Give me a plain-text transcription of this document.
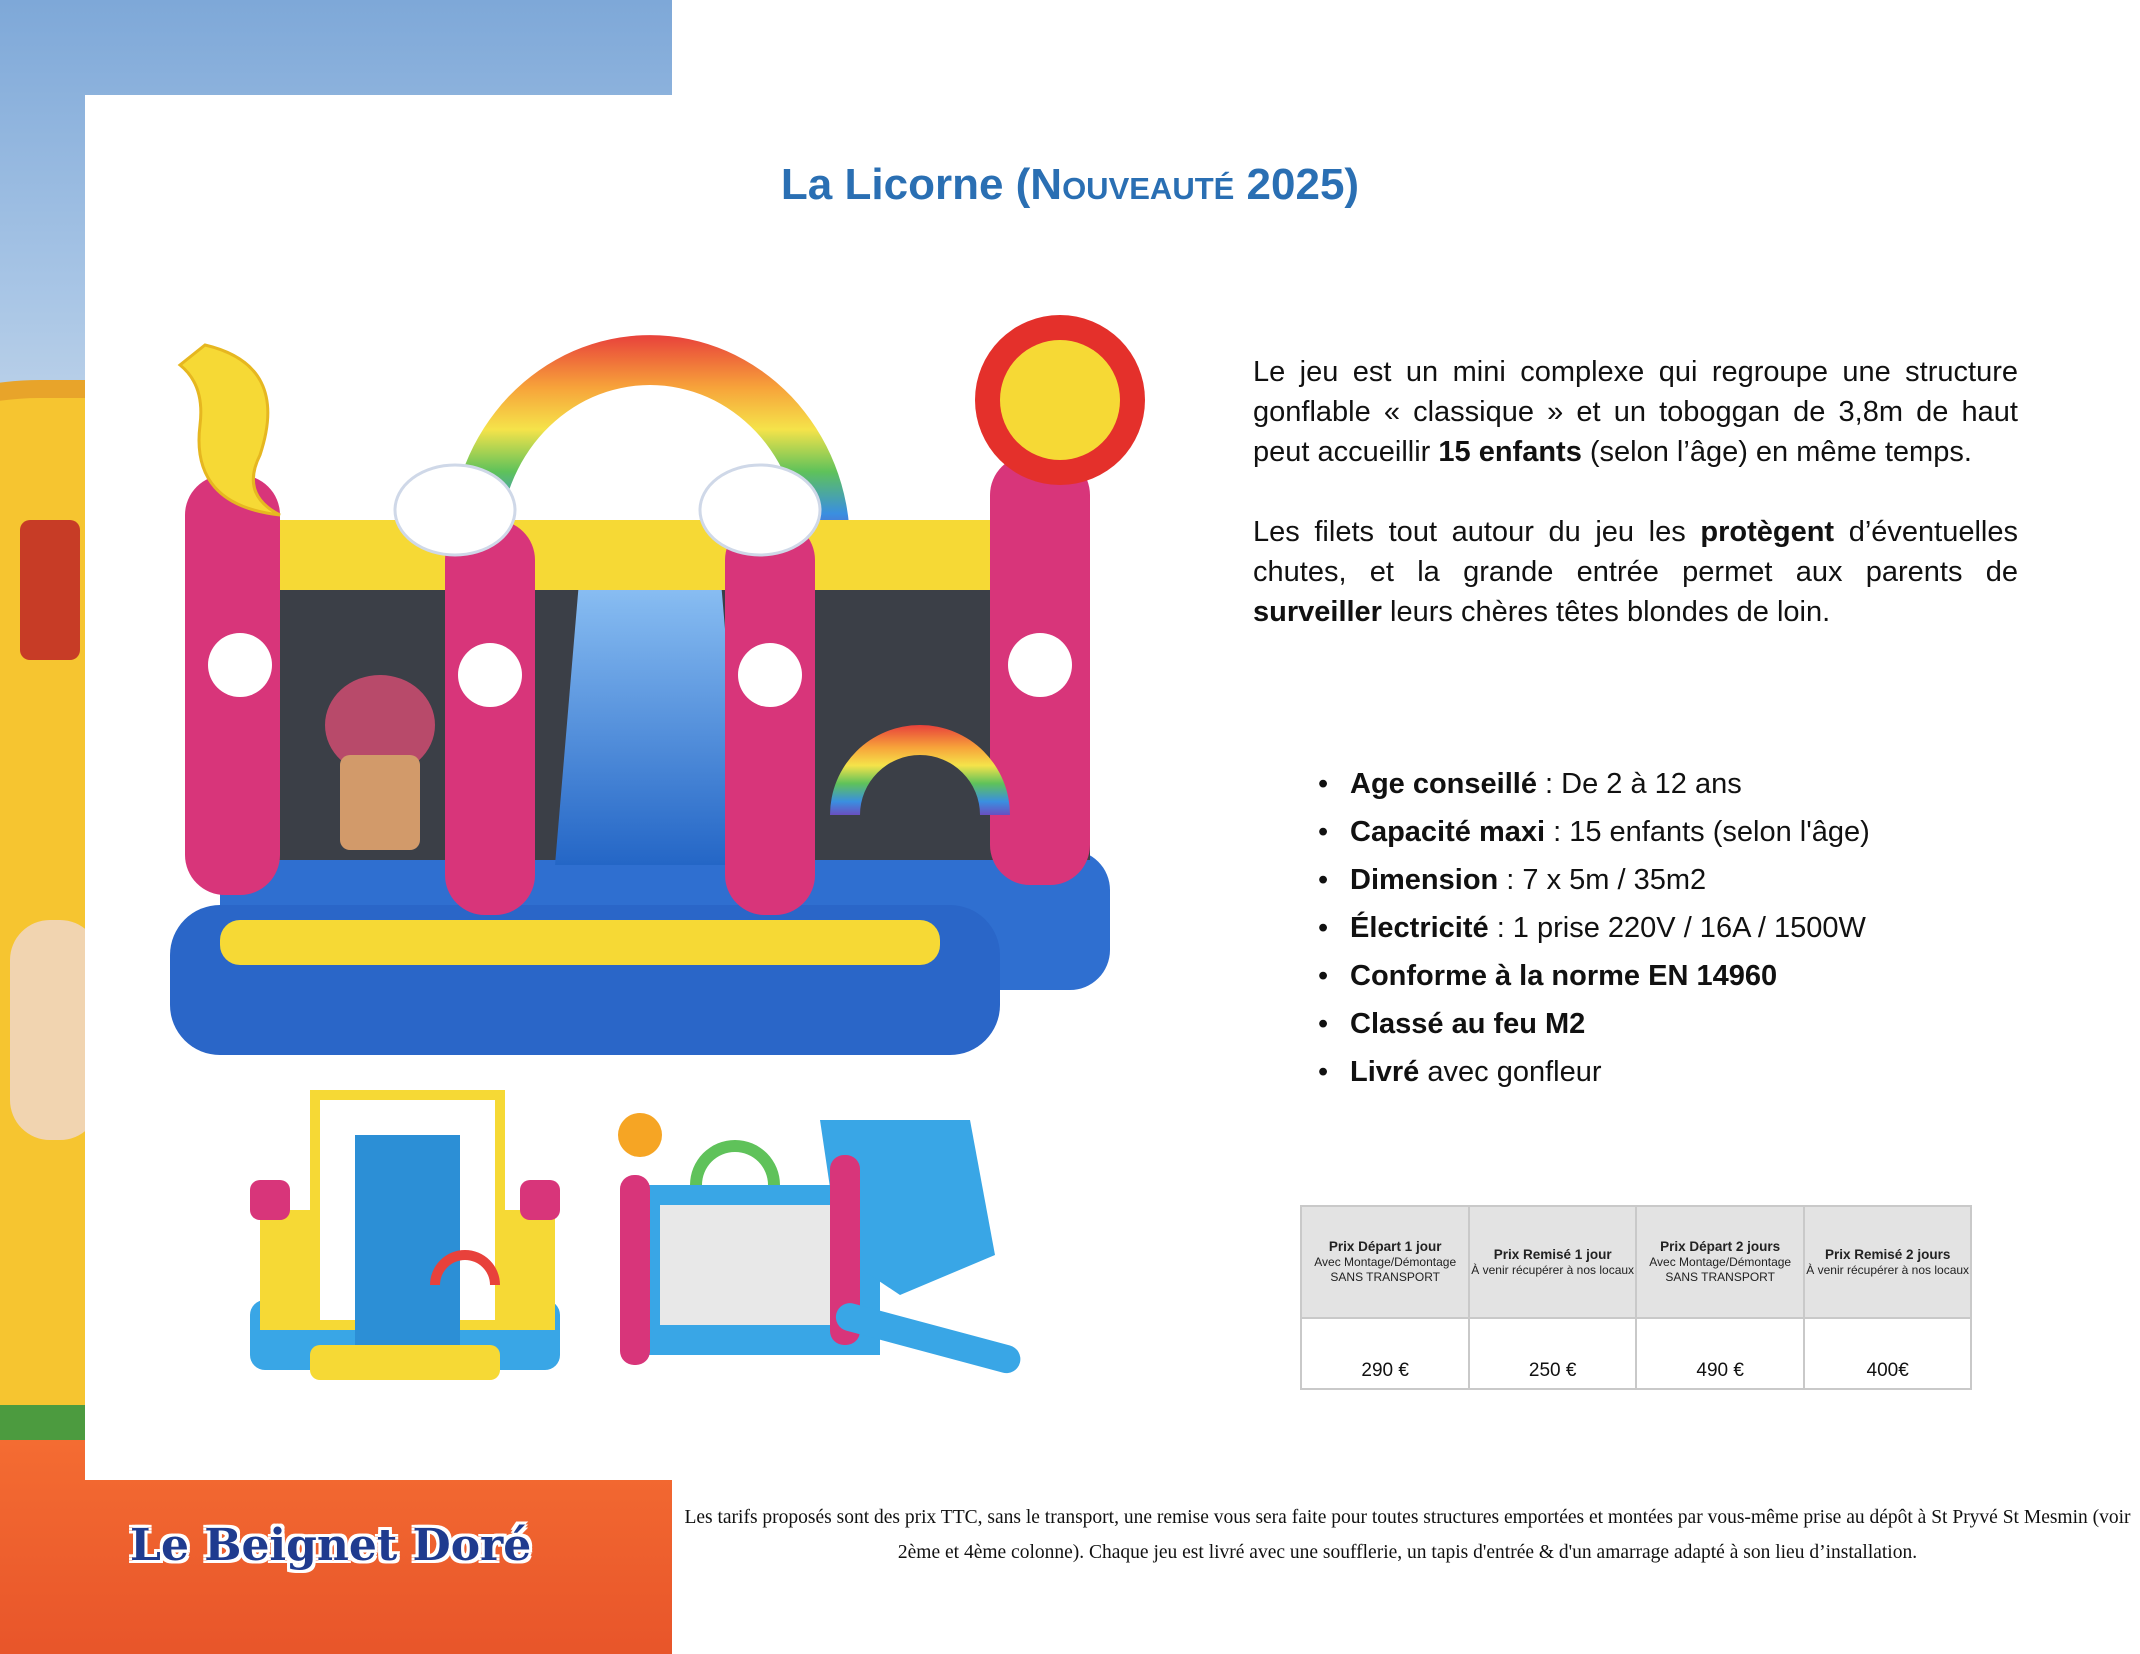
Le Beignet Doré
La Licorne (Nouveauté 2025)

Le jeu est un mini complexe qui regroupe une structure gonflable « classique » et un toboggan de 3,8m de haut peut accueillir 15 enfants (selon l’âge) en même temps.

Les filets tout autour du jeu les protègent d’éventuelles chutes, et la grande entrée permet aux parents de surveiller leurs chères têtes blondes de loin.

• Age conseillé : De 2 à 12 ans
• Capacité maxi : 15 enfants (selon l'âge)
• Dimension : 7 x 5m / 35m2
• Électricité : 1 prise 220V / 16A / 1500W
• Conforme à la norme EN 14960
• Classé au feu M2
• Livré avec gonfleur
Prix Départ 1 jour
Avec Montage/Démontage
SANS TRANSPORT	Prix Remisé 1 jour
À venir récupérer à nos locaux	Prix Départ 2 jours
Avec Montage/Démontage
SANS TRANSPORT	Prix Remisé 2 jours
À venir récupérer à nos locaux

290 €	250 €	490 €	400€
Les tarifs proposés sont des prix TTC, sans le transport, une remise vous sera faite pour toutes structures emportées et montées par vous-même prise au dépôt à St Pryvé St Mesmin (voir 2ème et 4ème colonne). Chaque jeu est livré avec une soufflerie, un tapis d'entrée & d'un amarrage adapté à son lieu d’installation.
